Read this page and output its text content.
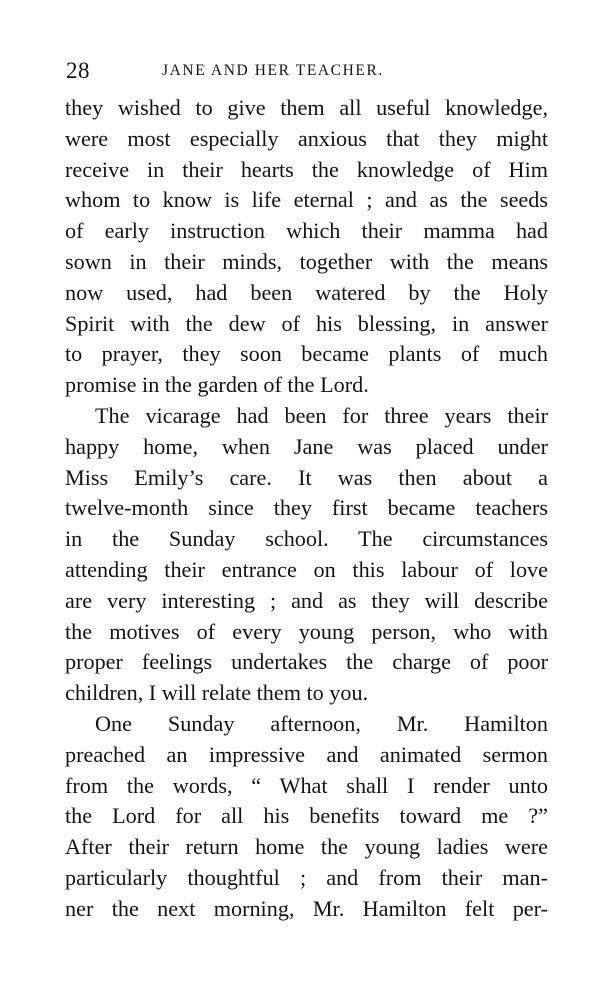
28	JANE AND HER TEACHER.
they wished to give them all useful knowledge,
were most especially anxious that they might
receive in their hearts the knowledge of Him
whom to know is life eternal ; and as the seeds
of early instruction which their mamma had
sown in their minds, together with the means
now used, had been watered by the Holy
Spirit with the dew of his blessing, in answer
to prayer, they soon became plants of much
promise in the garden of the Lord.
The vicarage had been for three years their
happy home, when Jane was placed under
Miss Emily’s care. It was then about a
twelve-month since they first became teachers
in the Sunday school. The circumstances
attending their entrance on this labour of love
are very interesting ; and as they will describe
the motives of every young person, who with
proper feelings undertakes the charge of poor
children, I will relate them to you.
One Sunday afternoon, Mr. Hamilton
preached an impressive and animated sermon
from the words, “ What shall I render unto
the Lord for all his benefits toward me ?”
After their return home the young ladies were
particularly thoughtful ; and from their man-
ner the next morning, Mr. Hamilton felt per-
